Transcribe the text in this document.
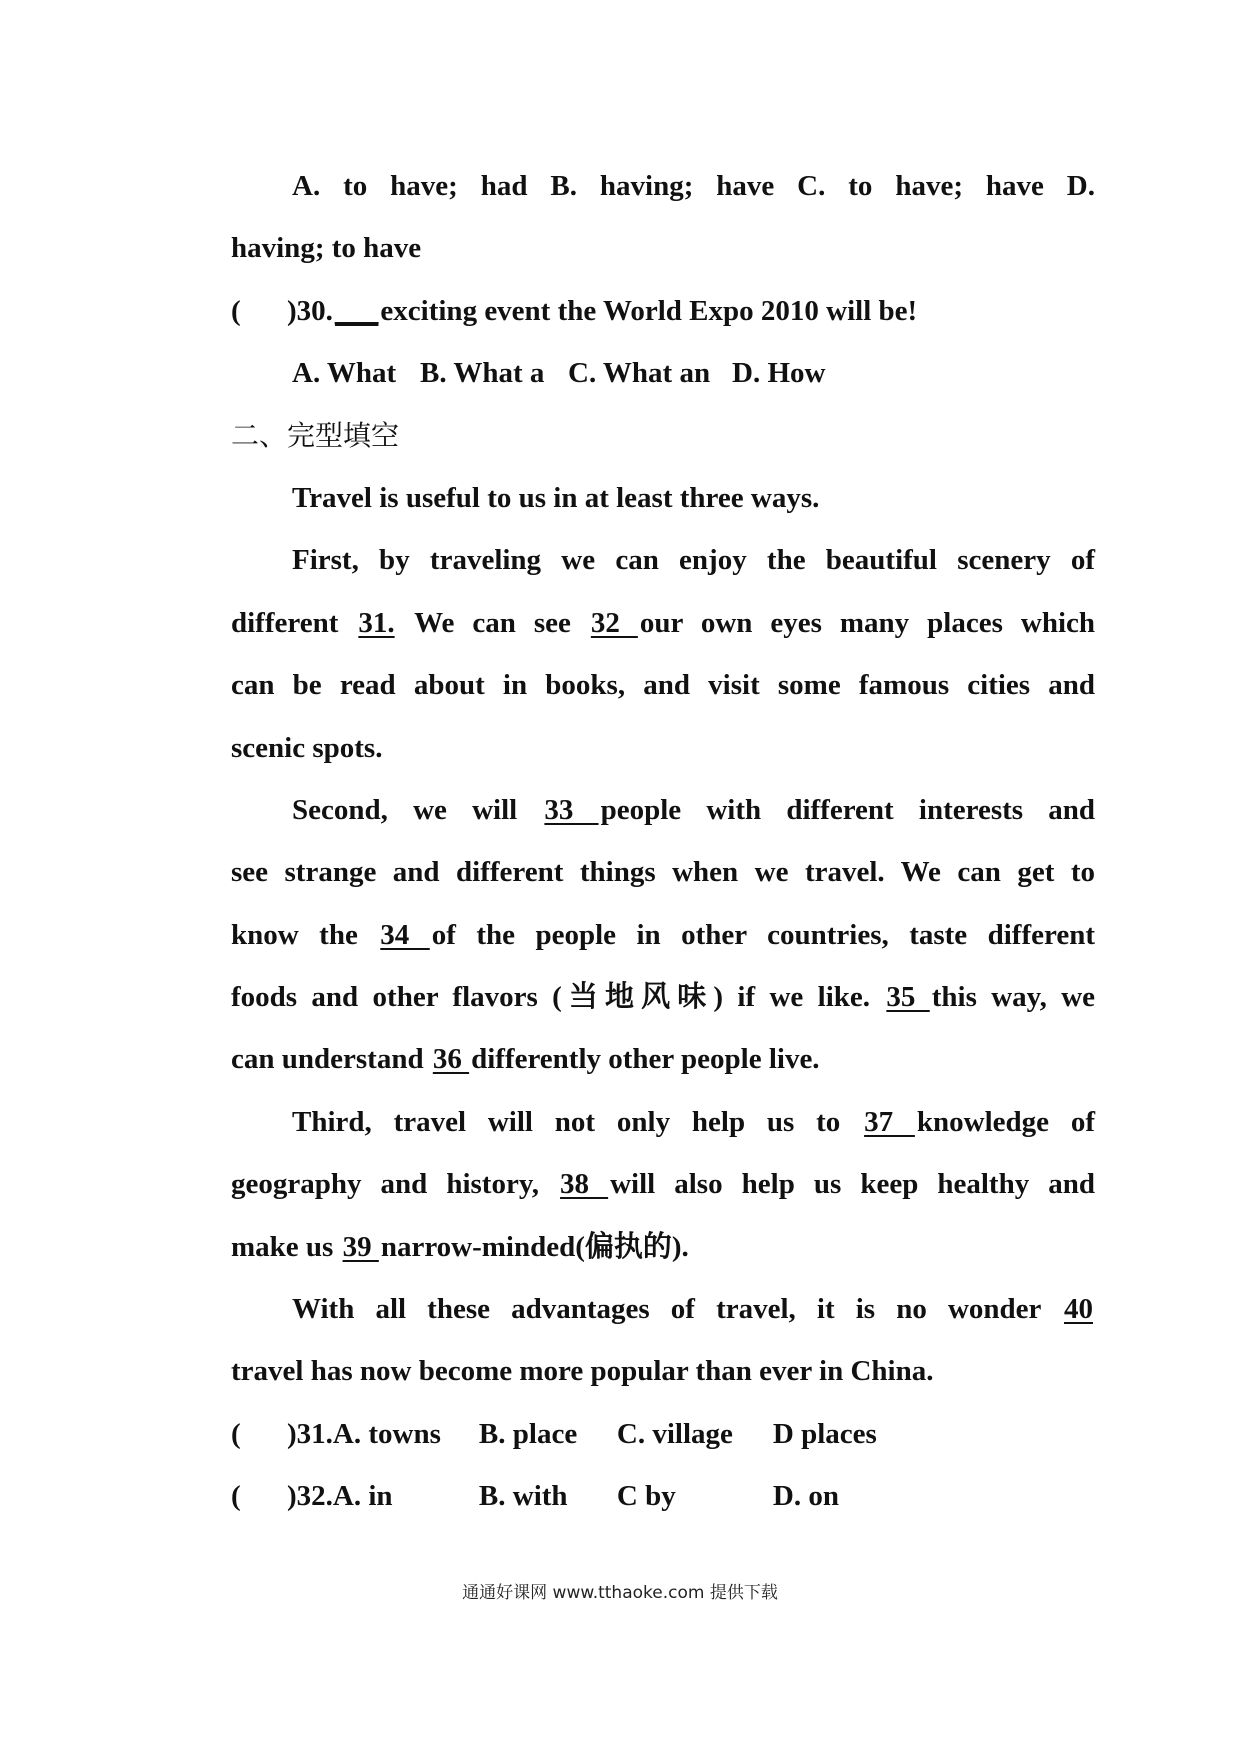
A. to have; had B. having; have C. to have; have D.
having; to have
( )30.___exciting event the World Expo 2010 will be!
A. What B. What a C. What an D. How
二、完型填空
Travel is useful to us in at least three ways.
First, by traveling we can enjoy the beautiful scenery of
different 31. We can see 32 our own eyes many places which
can be read about in books, and visit some famous cities and
scenic spots.
Second, we will 33 people with different interests and
see strange and different things when we travel. We can get to
know the 34 of the people in other countries, taste different
foods and other flavors (当地风味) if we like. 35 this way, we
can understand 36 differently other people live.
Third, travel will not only help us to 37 knowledge of
geography and history, 38 will also help us keep healthy and
make us 39 narrow-minded(偏执的).
With all these advantages of travel, it is no wonder 40
travel has now become more popular than ever in China.
( )31.A. towns B. place C. village D places
( )32.A. in	B. with C by	D. on
通通好课网 www.tthaoke.com 提供下载
